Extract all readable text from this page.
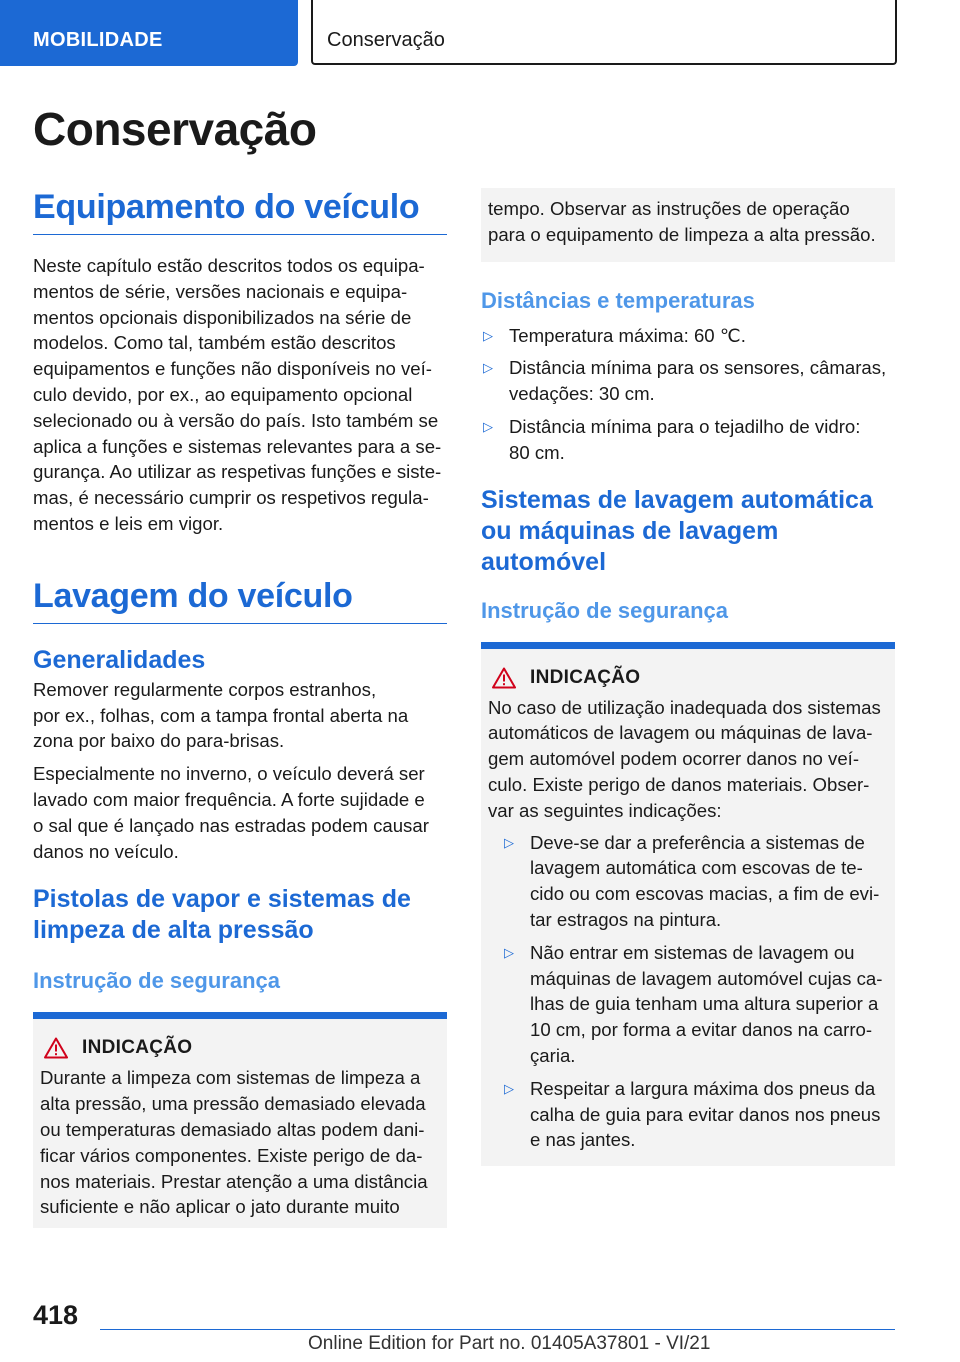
MOBILIDADE	Conservação
Conservação
Equipamento do veículo

Neste capítulo estão descritos todos os equipa-
mentos de série, versões nacionais e equipa-
mentos opcionais disponibilizados na série de
modelos. Como tal, também estão descritos
equipamentos e funções não disponíveis no veí-
culo devido, por ex., ao equipamento opcional
selecionado ou à versão do país. Isto também se
aplica a funções e sistemas relevantes para a se-
gurança. Ao utilizar as respetivas funções e siste-
mas, é necessário cumprir os respetivos regula-
mentos e leis em vigor.

Lavagem do veículo
Generalidades

Remover regularmente corpos estranhos,
por ex., folhas, com a tampa frontal aberta na
zona por baixo do para-brisas.

Especialmente no inverno, o veículo deverá ser
lavado com maior frequência. A forte sujidade e
o sal que é lançado nas estradas podem causar
danos no veículo.

Pistolas de vapor e sistemas de
limpeza de alta pressão
Instrução de segurança
INDICAÇÃO

Durante a limpeza com sistemas de limpeza a
alta pressão, uma pressão demasiado elevada
ou temperaturas demasiado altas podem dani-
ficar vários componentes. Existe perigo de da-
nos materiais. Prestar atenção a uma distância
suficiente e não aplicar o jato durante muito

tempo. Observar as instruções de operação
para o equipamento de limpeza a alta pressão.

Distâncias e temperaturas
▷ Temperatura máxima: 60 ℃.
▷ Distância mínima para os sensores, câmaras,
vedações: 30 cm.
▷ Distância mínima para o tejadilho de vidro:
80 cm.
Sistemas de lavagem automática
ou máquinas de lavagem
automóvel
Instrução de segurança
INDICAÇÃO

No caso de utilização inadequada dos sistemas
automáticos de lavagem ou máquinas de lava-
gem automóvel podem ocorrer danos no veí-
culo. Existe perigo de danos materiais. Obser-
var as seguintes indicações:

▷ Deve-se dar a preferência a sistemas de
lavagem automática com escovas de te-
cido ou com escovas macias, a fim de evi-
tar estragos na pintura.
▷ Não entrar em sistemas de lavagem ou
máquinas de lavagem automóvel cujas ca-
lhas de guia tenham uma altura superior a
10 cm, por forma a evitar danos na carro-
çaria.
▷ Respeitar a largura máxima dos pneus da
calha de guia para evitar danos nos pneus
e nas jantes.
418
Online Edition for Part no. 01405A37801 - VI/21
